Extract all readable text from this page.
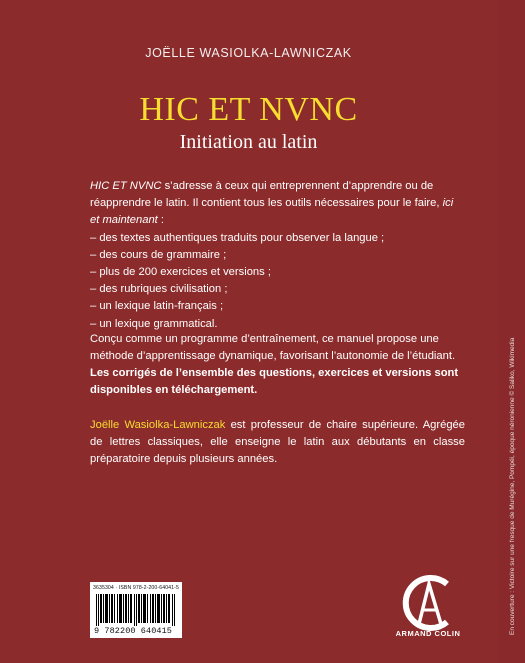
JOËLLE WASIOLKA-LAWNICZAK
HIC ET NVNC
Initiation au latin
HIC ET NVNC s’adresse à ceux qui entreprennent d’apprendre ou de réapprendre le latin. Il contient tous les outils nécessaires pour le faire, ici et maintenant :
– des textes authentiques traduits pour observer la langue ;
– des cours de grammaire ;
– plus de 200 exercices et versions ;
– des rubriques civilisation ;
– un lexique latin-français ;
– un lexique grammatical.
Conçu comme un programme d’entraînement, ce manuel propose une méthode d’apprentissage dynamique, favorisant l’autonomie de l’étudiant.
Les corrigés de l’ensemble des questions, exercices et versions sont disponibles en téléchargement.
Joëlle Wasiolka-Lawniczak est professeur de chaire supérieure. Agrégée de lettres classiques, elle enseigne le latin aux débutants en classe préparatoire depuis plusieurs années.	En couverture : Victoire sur une fresque de Murégine, Pompéi, époque néronienne © Saliko, Wikimedia
3635304 · ISBN 978-2-200-64041-5
9 782200 640415	ARMAND COLIN
